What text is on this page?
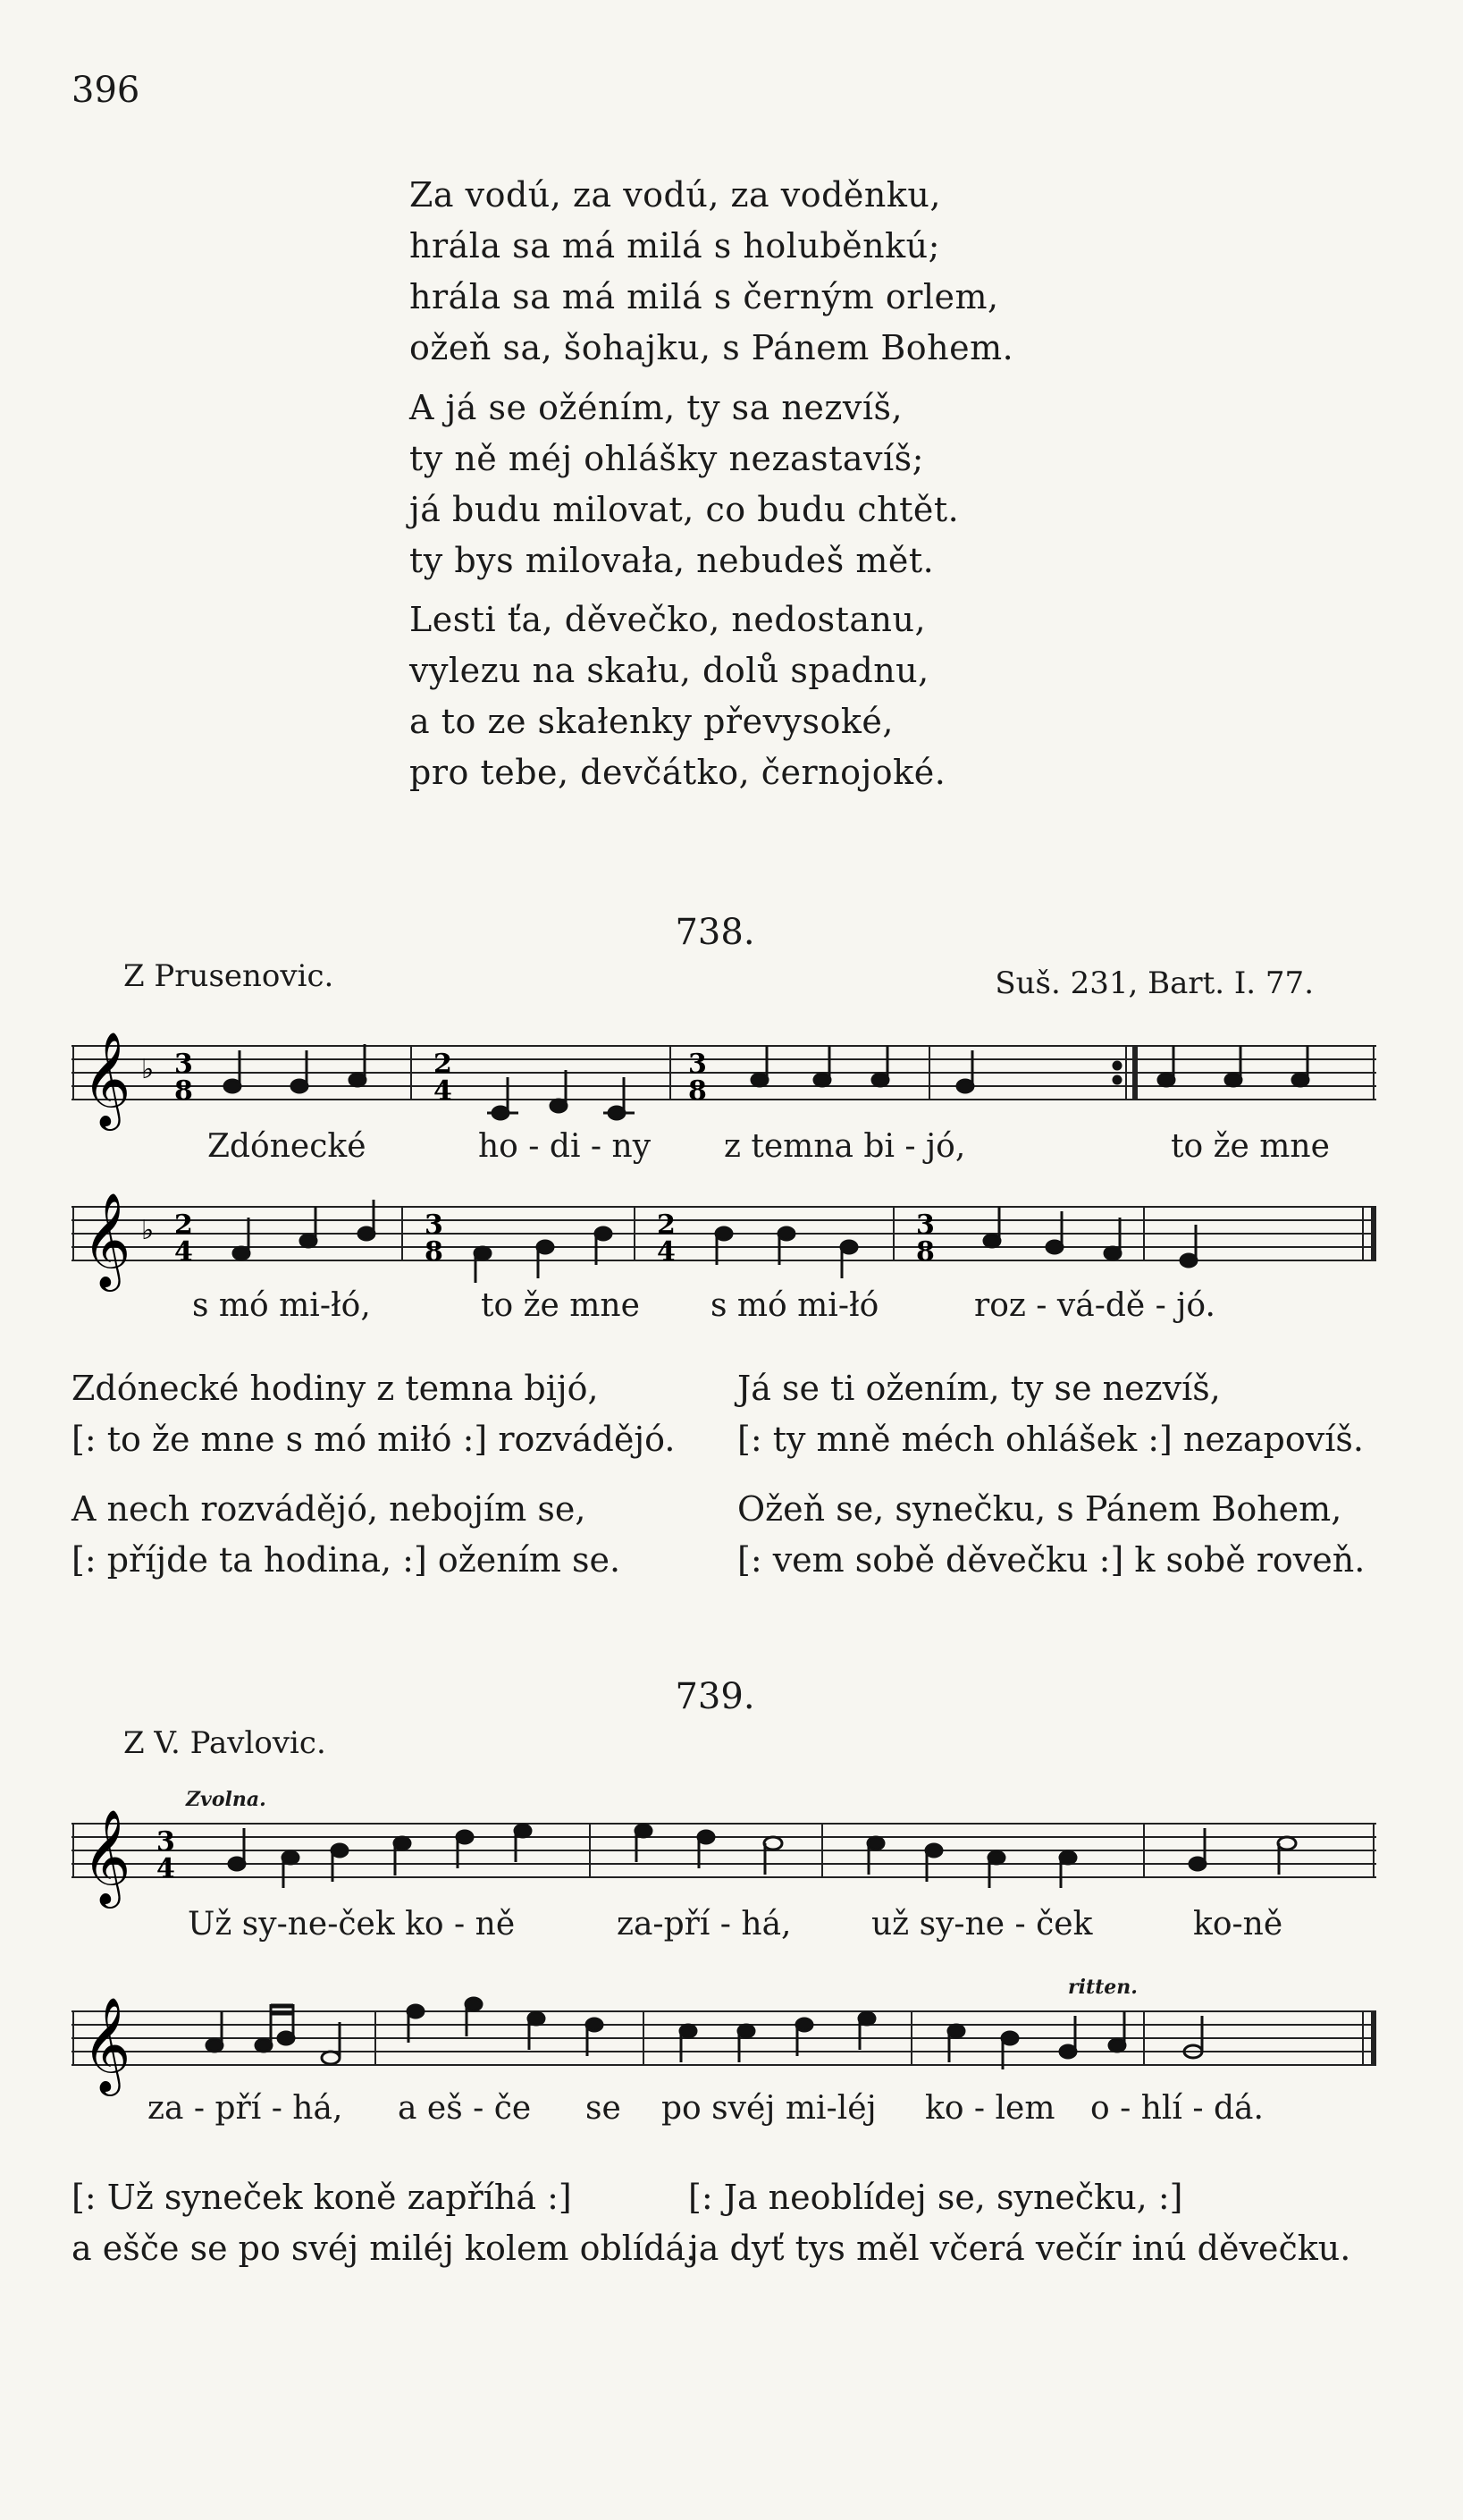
396
Za vodú, za vodú, za voděnku,
hrála sa má milá s holuběnkú;
hrála sa má milá s černým orlem,
ožeň sa, šohajku, s Pánem Bohem.
A já se ožéním, ty sa nezvíš,
ty ně méj ohlášky nezastavíš;
já budu milovat, co budu chtět.
ty bys milovała, nebudeš mět.
Lesti ťa, děvečko, nedostanu,
vylezu na skału, dolů spadnu,
a to ze skałenky převysoké,
pro tebe, devčátko, černojoké.
738.
Z Prusenovic.	Suš. 231, Bart. I. 77.
𝄞 ♭ 3
8
2
4
3
8
Zdónecké	ho - di - ny z temna bi - jó,	to že mne
𝄞 ♭ 2
4
3
8
2
4
3
8
s mó mi-łó,	to že mne s mó mi-łó	roz - vá-dě - jó.
Zdónecké hodiny z temna bijó,
[: to že mne s mó miłó :] rozvádějó.
A nech rozvádějó, nebojím se,
[: příjde ta hodina, :] ožením se.
Já se ti ožením, ty se nezvíš,
[: ty mně méch ohlášek :] nezapovíš.
Ožeň se, synečku, s Pánem Bohem,
[: vem sobě děvečku :] k sobě roveň.
739.
Z V. Pavlovic.
Zvolna.
𝄞 3
4
Už sy-ne-ček ko - ně	za-pří - há, už sy-ne - ček	ko-ně
ritten.
𝄞
za - pří - há, a eš - če se po svéj mi-léj ko - lem o - hlí - dá.
[: Už syneček koně zapříhá :]
a ešče se po svéj miléj kolem oblídá.
[: Ja neoblídej se, synečku, :]
ja dyť tys měl včerá večír inú děvečku.
